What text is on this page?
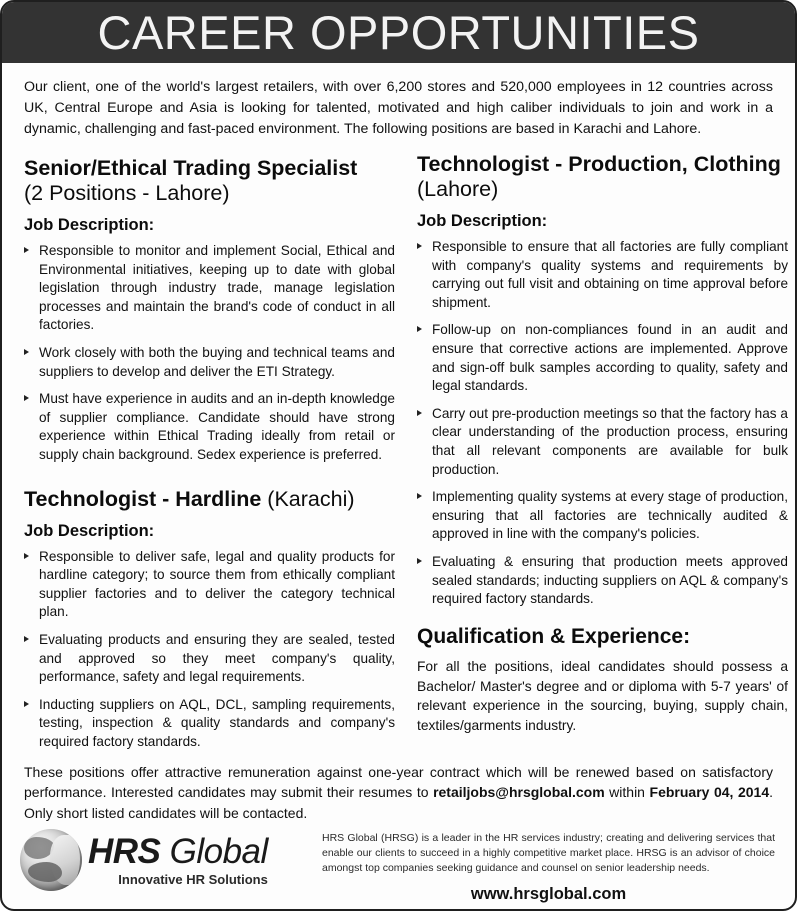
CAREER OPPORTUNITIES
Our client, one of the world's largest retailers, with over 6,200 stores and 520,000 employees in 12 countries across UK, Central Europe and Asia is looking for talented, motivated and high caliber individuals to join and work in a dynamic, challenging and fast-paced environment. The following positions are based in Karachi and Lahore.
Senior/Ethical Trading Specialist
(2 Positions - Lahore)
Job Description:
Responsible to monitor and implement Social, Ethical and Environmental initiatives, keeping up to date with global legislation through industry trade, manage legislation processes and maintain the brand's code of conduct in all factories.
Work closely with both the buying and technical teams and suppliers to develop and deliver the ETI Strategy.
Must have experience in audits and an in-depth knowledge of supplier compliance. Candidate should have strong experience within Ethical Trading ideally from retail or supply chain background. Sedex experience is preferred.
Technologist - Hardline (Karachi)
Job Description:
Responsible to deliver safe, legal and quality products for hardline category; to source them from ethically compliant supplier factories and to deliver the category technical plan.
Evaluating products and ensuring they are sealed, tested and approved so they meet company's quality, performance, safety and legal requirements.
Inducting suppliers on AQL, DCL, sampling requirements, testing, inspection & quality standards and company's required factory standards.
Technologist - Production, Clothing (Lahore)
Job Description:
Responsible to ensure that all factories are fully compliant with company's quality systems and requirements by carrying out full visit and obtaining on time approval before shipment.
Follow-up on non-compliances found in an audit and ensure that corrective actions are implemented. Approve and sign-off bulk samples according to quality, safety and legal standards.
Carry out pre-production meetings so that the factory has a clear understanding of the production process, ensuring that all relevant components are available for bulk production.
Implementing quality systems at every stage of production, ensuring that all factories are technically audited & approved in line with the company's policies.
Evaluating & ensuring that production meets approved sealed standards; inducting suppliers on AQL & company's required factory standards.
Qualification & Experience:
For all the positions, ideal candidates should possess a Bachelor/ Master's degree and or diploma with 5-7 years' of relevant experience in the sourcing, buying, supply chain, textiles/garments industry.
These positions offer attractive remuneration against one-year contract which will be renewed based on satisfactory performance. Interested candidates may submit their resumes to retailjobs@hrsglobal.com within February 04, 2014. Only short listed candidates will be contacted.
HRS Global
Innovative HR Solutions
HRS Global (HRSG) is a leader in the HR services industry; creating and delivering services that enable our clients to succeed in a highly competitive market place. HRSG is an advisor of choice amongst top companies seeking guidance and counsel on senior leadership needs.
www.hrsglobal.com
